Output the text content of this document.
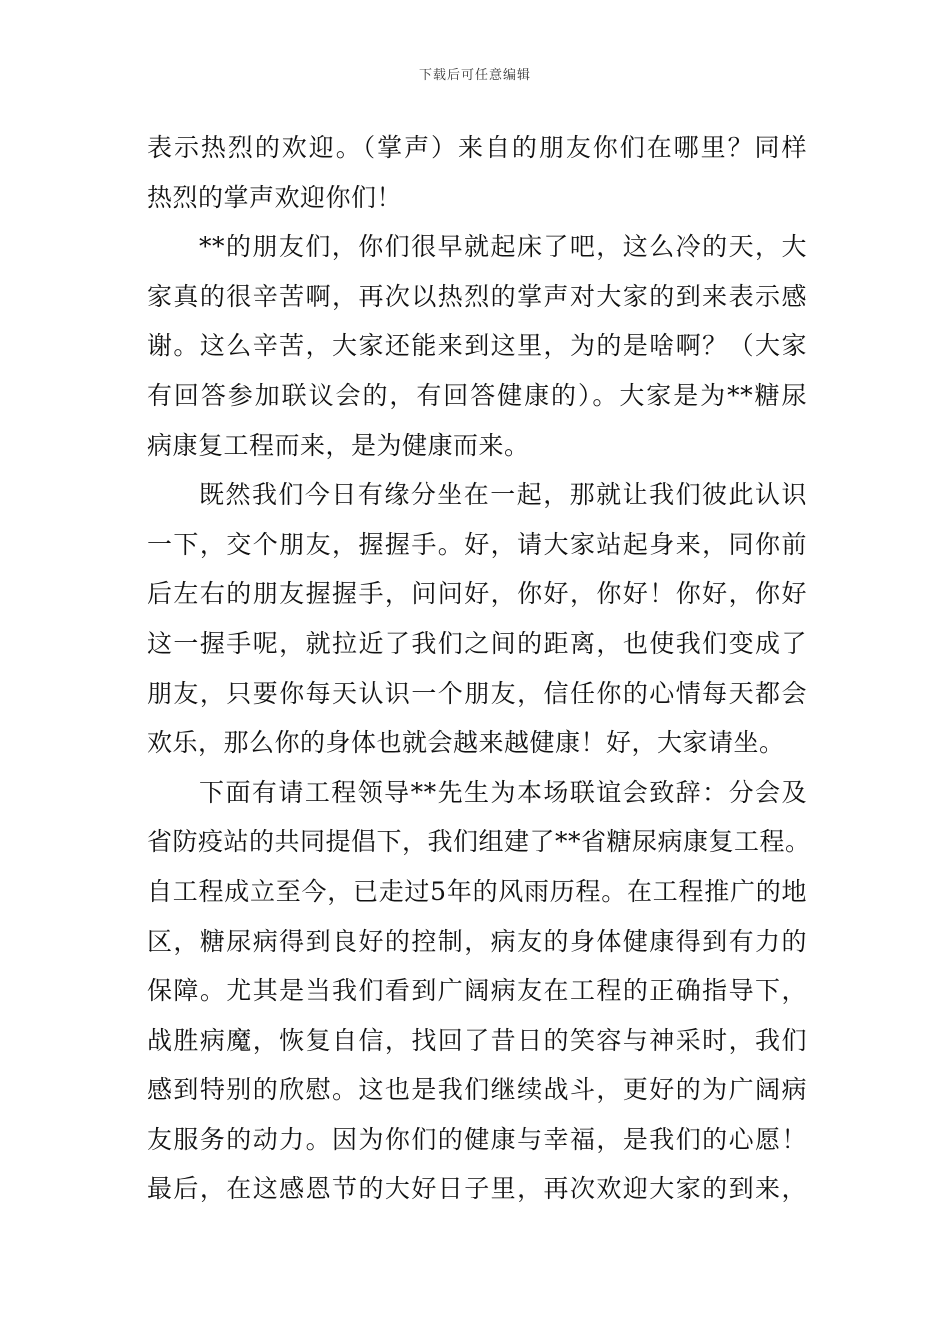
下载后可任意编辑
表示热烈的欢迎。（掌声）来自的朋友你们在哪里？同样
热烈的掌声欢迎你们！
**的朋友们，你们很早就起床了吧，这么冷的天，大
家真的很辛苦啊，再次以热烈的掌声对大家的到来表示感
谢。这么辛苦，大家还能来到这里，为的是啥啊？（大家
有回答参加联议会的，有回答健康的）。大家是为**糖尿
病康复工程而来，是为健康而来。
既然我们今日有缘分坐在一起，那就让我们彼此认识
一下，交个朋友，握握手。好，请大家站起身来，同你前
后左右的朋友握握手，问问好，你好，你好！你好，你好
这一握手呢，就拉近了我们之间的距离，也使我们变成了
朋友，只要你每天认识一个朋友，信任你的心情每天都会
欢乐，那么你的身体也就会越来越健康！好，大家请坐。
下面有请工程领导**先生为本场联谊会致辞：分会及
省防疫站的共同提倡下，我们组建了**省糖尿病康复工程。
自工程成立至今，已走过5年的风雨历程。在工程推广的地
区，糖尿病得到良好的控制，病友的身体健康得到有力的
保障。尤其是当我们看到广阔病友在工程的正确指导下，
战胜病魔，恢复自信，找回了昔日的笑容与神采时，我们
感到特别的欣慰。这也是我们继续战斗，更好的为广阔病
友服务的动力。因为你们的健康与幸福，是我们的心愿！
最后，在这感恩节的大好日子里，再次欢迎大家的到来，
